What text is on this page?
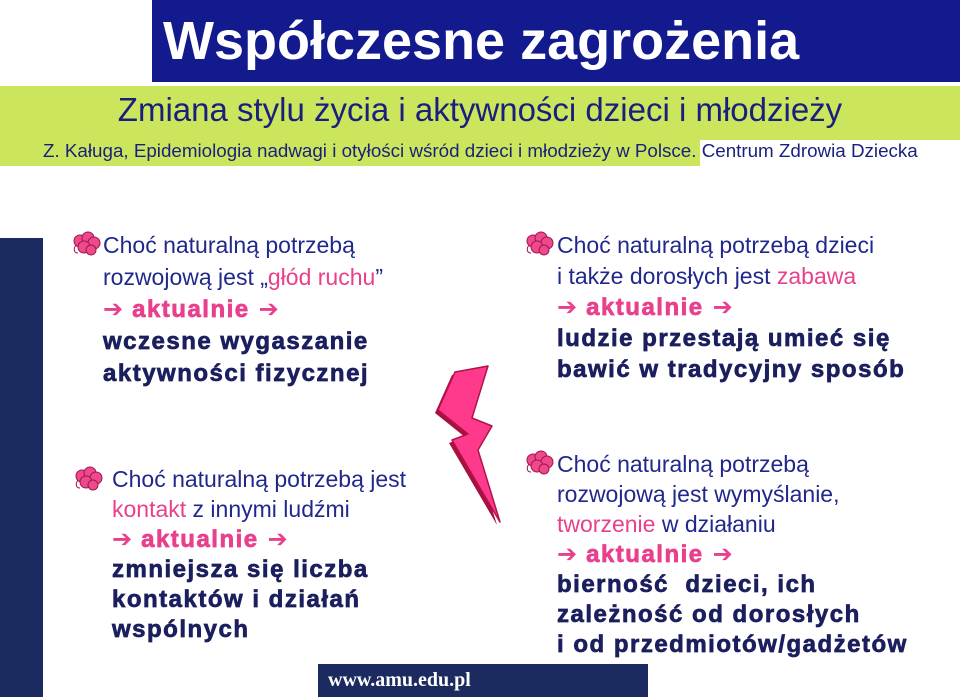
Współczesne zagrożenia
Zmiana stylu życia i aktywności dzieci i młodzieży
Z. Kaługa, Epidemiologia nadwagi i otyłości wśród dzieci i młodzieży w Polsce. Centrum Zdrowia Dziecka
Choć naturalną potrzebą
rozwojową jest „głód ruchu”
➔ aktualnie ➔
wczesne wygaszanie
aktywności fizycznej
Choć naturalną potrzebą dzieci
i także dorosłych jest zabawa
➔ aktualnie ➔
ludzie przestają umieć się
bawić w tradycyjny sposób
Choć naturalną potrzebą jest
kontakt z innymi ludźmi
➔ aktualnie ➔
zmniejsza się liczba
kontaktów i działań
wspólnych
Choć naturalną potrzebą
rozwojową jest wymyślanie,
tworzenie w działaniu
➔ aktualnie ➔
bierność  dzieci, ich
zależność od dorosłych
i od przedmiotów/gadżetów
www.amu.edu.pl
